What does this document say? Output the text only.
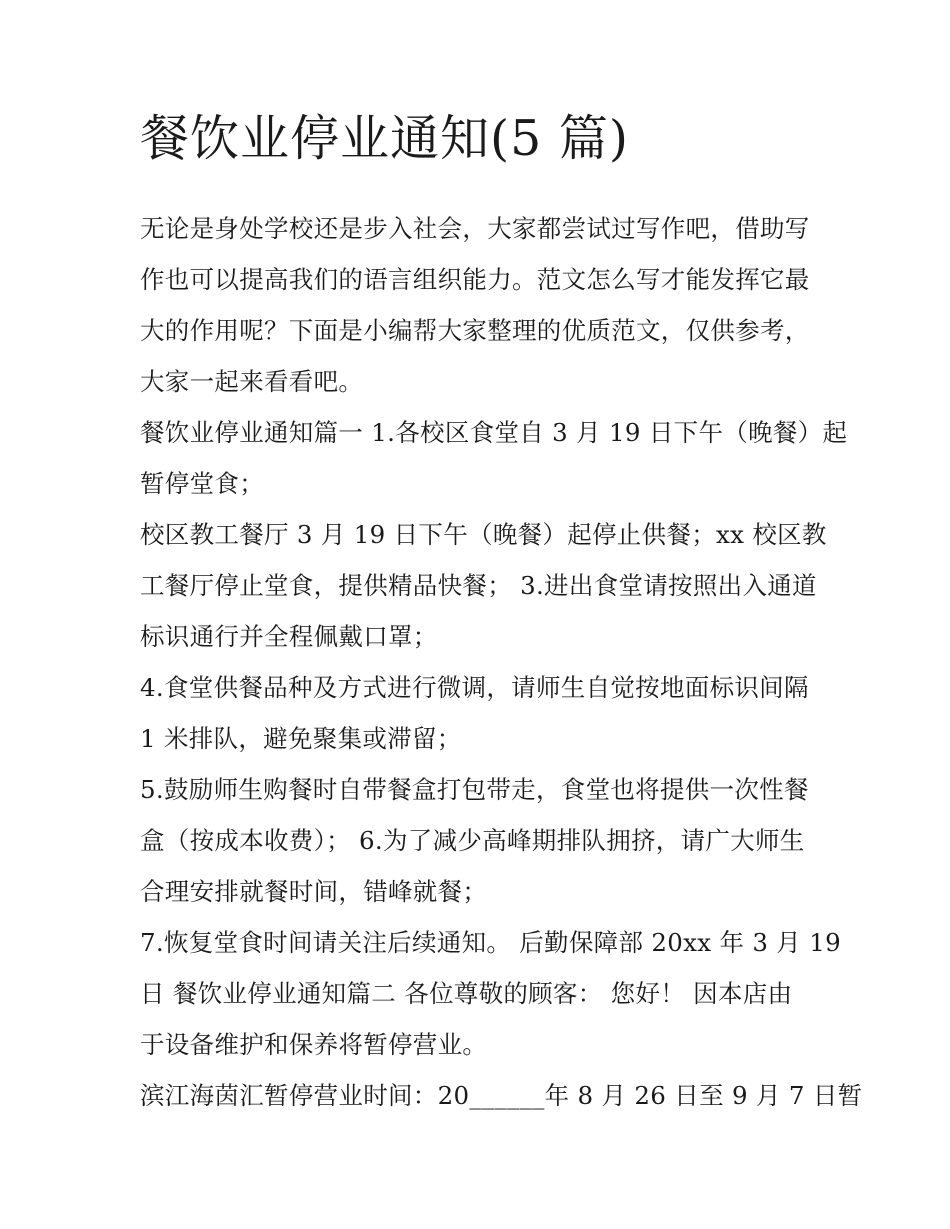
餐饮业停业通知(5 篇)

无论是身处学校还是步入社会，大家都尝试过写作吧，借助写

作也可以提高我们的语言组织能力。范文怎么写才能发挥它最

大的作用呢？下面是小编帮大家整理的优质范文，仅供参考，

大家一起来看看吧。

餐饮业停业通知篇一 1.各校区食堂自 3 月 19 日下午（晚餐）起

暂停堂食；

校区教工餐厅 3 月 19 日下午（晚餐）起停止供餐；xx 校区教

工餐厅停止堂食，提供精品快餐； 3.进出食堂请按照出入通道

标识通行并全程佩戴口罩；

4.食堂供餐品种及方式进行微调，请师生自觉按地面标识间隔

1 米排队，避免聚集或滞留；

5.鼓励师生购餐时自带餐盒打包带走，食堂也将提供一次性餐

盒（按成本收费）； 6.为了减少高峰期排队拥挤，请广大师生

合理安排就餐时间，错峰就餐；

7.恢复堂食时间请关注后续通知。 后勤保障部 20xx 年 3 月 19

日 餐饮业停业通知篇二 各位尊敬的顾客： 您好！ 因本店由

于设备维护和保养将暂停营业。

滨江海茵汇暂停营业时间：20______年 8 月 26 日至 9 月 7 日暂
